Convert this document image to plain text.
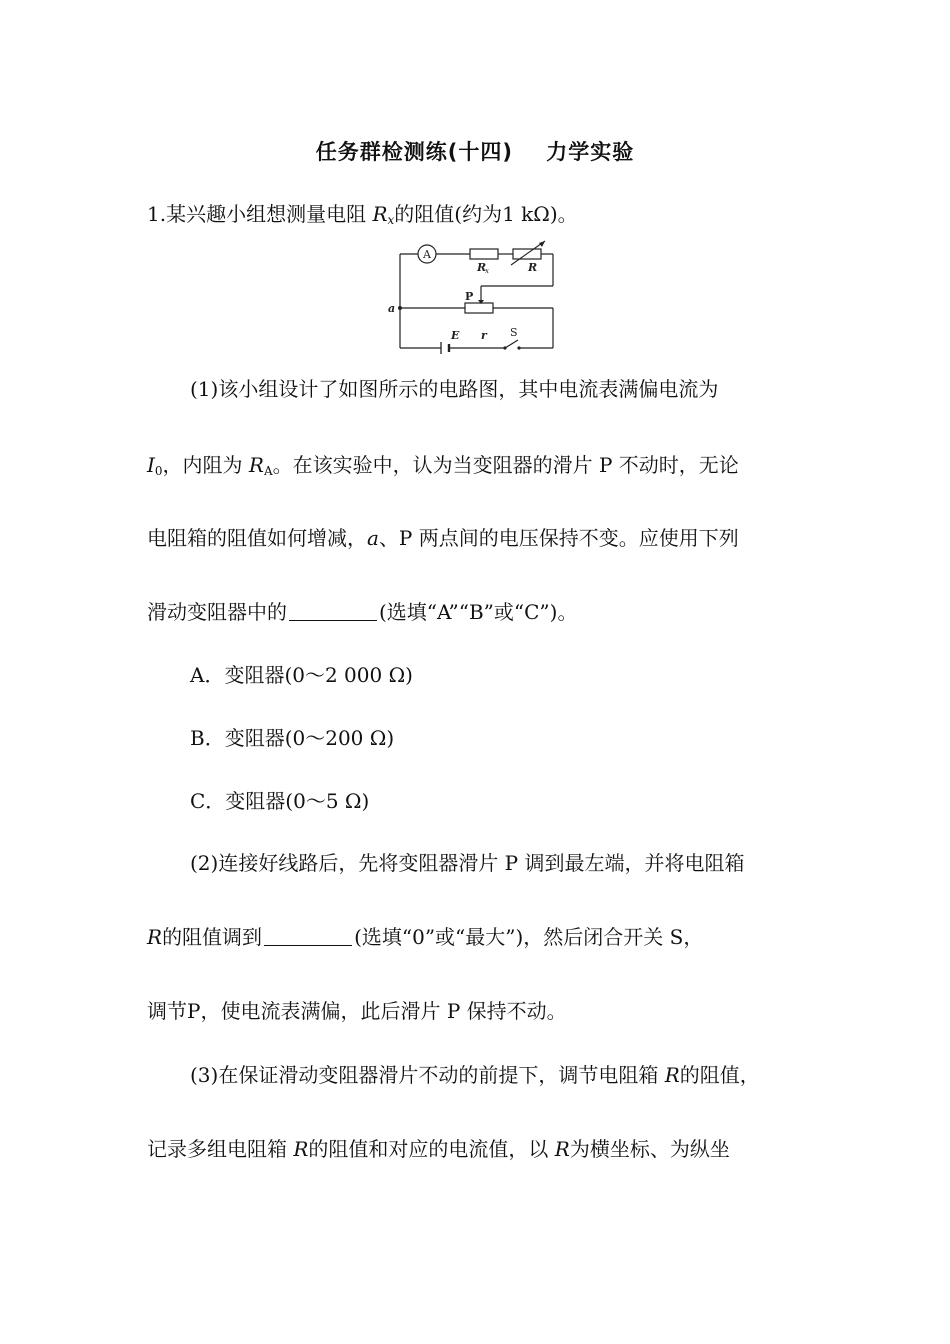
任务群检测练(十四)    力学实验
1.某兴趣小组想测量电阻 $R_x$的阻值(约为1 kΩ)。
A
R
x	R
P
a
E r S
(1)该小组设计了如图所示的电路图，其中电流表满偏电流为
$I_0$，内阻为 $R_A$。在该实验中，认为当变阻器的滑片 P 不动时，无论
电阻箱的阻值如何增减，a、P 两点间的电压保持不变。应使用下列
滑动变阻器中的	(选填“A”“B”或“C”)。
A．变阻器(0～2 000 Ω)
B．变阻器(0～200 Ω)
C．变阻器(0～5 Ω)
(2)连接好线路后，先将变阻器滑片 P 调到最左端，并将电阻箱
R的阻值调到	(选填“0”或“最大”)，然后闭合开关 S，
调节P，使电流表满偏，此后滑片 P 保持不动。
(3)在保证滑动变阻器滑片不动的前提下，调节电阻箱 R的阻值，
记录多组电阻箱 R的阻值和对应的电流值，以 R为横坐标、为纵坐
